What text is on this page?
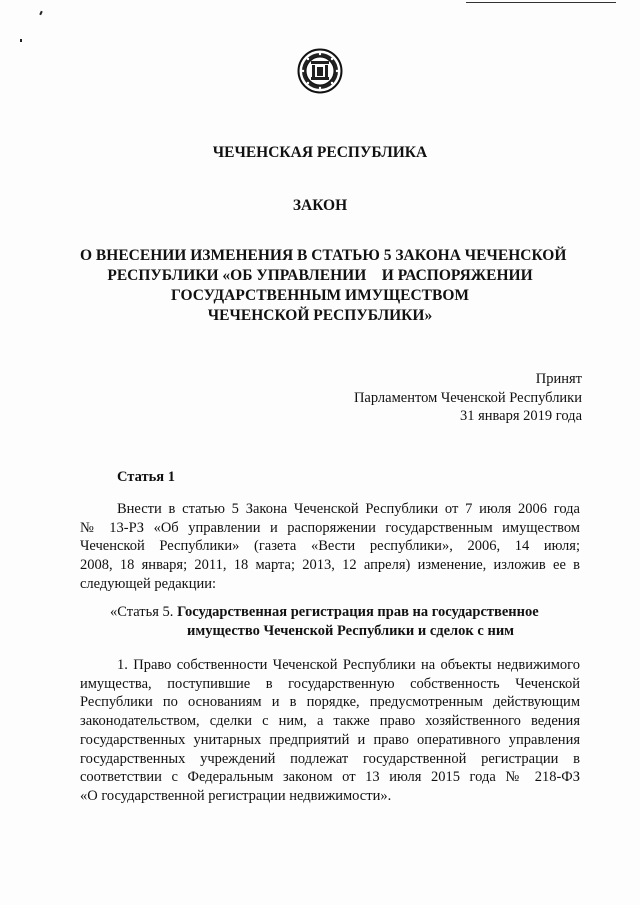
ЧЕЧЕНСКАЯ РЕСПУБЛИКА
ЗАКОН
О ВНЕСЕНИИ ИЗМЕНЕНИЯ В СТАТЬЮ 5 ЗАКОНА ЧЕЧЕНСКОЙ
РЕСПУБЛИКИ «ОБ УПРАВЛЕНИИ    И РАСПОРЯЖЕНИИ
ГОСУДАРСТВЕННЫМ ИМУЩЕСТВОМ
ЧЕЧЕНСКОЙ РЕСПУБЛИКИ»
Принят
Парламентом Чеченской Республики
31 января 2019 года
Статья 1
Внести в статью 5 Закона Чеченской Республики от 7 июля 2006 года
№ 13-РЗ «Об управлении и распоряжении государственным имуществом
Чеченской Республики» (газета «Вести республики», 2006, 14 июля;
2008, 18 января; 2011, 18 марта; 2013, 12 апреля) изменение, изложив ее в
следующей редакции:
«Статья 5. Государственная регистрация прав на государственное
имущество Чеченской Республики и сделок с ним
1. Право собственности Чеченской Республики на объекты недвижимого
имущества, поступившие в государственную собственность Чеченской
Республики по основаниям и в порядке, предусмотренным действующим
законодательством, сделки с ним, а также право хозяйственного ведения
государственных унитарных предприятий и право оперативного управления
государственных учреждений подлежат государственной регистрации в
соответствии с Федеральным законом от 13 июля 2015 года № 218-ФЗ
«О государственной регистрации недвижимости».
